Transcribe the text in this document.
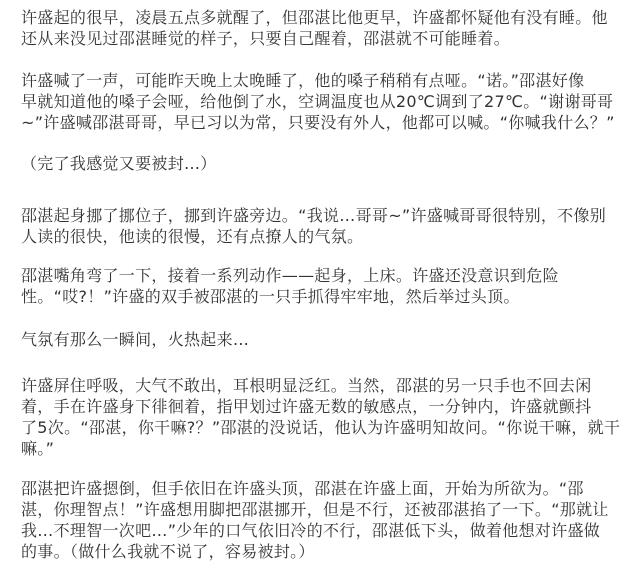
许盛起的很早，凌晨五点多就醒了，但邵湛比他更早，许盛都怀疑他有没有睡。他
还从来没见过邵湛睡觉的样子，只要自己醒着，邵湛就不可能睡着。
许盛喊了一声，可能昨天晚上太晚睡了，他的嗓子稍稍有点哑。“诺。”邵湛好像
早就知道他的嗓子会哑，给他倒了水，空调温度也从20℃调到了27℃。“谢谢哥哥
~”许盛喊邵湛哥哥，早已习以为常，只要没有外人，他都可以喊。“你喊我什么？”
（完了我感觉又要被封…）
邵湛起身挪了挪位子，挪到许盛旁边。“我说…哥哥~”许盛喊哥哥很特别，不像别
人读的很快，他读的很慢，还有点撩人的气氛。
邵湛嘴角弯了一下，接着一系列动作——起身，上床。许盛还没意识到危险
性。“哎?！”许盛的双手被邵湛的一只手抓得牢牢地，然后举过头顶。
气氛有那么一瞬间，火热起来…
许盛屏住呼吸，大气不敢出，耳根明显泛红。当然，邵湛的另一只手也不回去闲
着，手在许盛身下徘徊着，指甲划过许盛无数的敏感点，一分钟内，许盛就颤抖
了5次。“邵湛，你干嘛?？”邵湛的没说话，他认为许盛明知故问。“你说干嘛，就干
嘛。”
邵湛把许盛摁倒，但手依旧在许盛头顶，邵湛在许盛上面，开始为所欲为。“邵
湛，你理智点！”许盛想用脚把邵湛挪开，但是不行，还被邵湛掐了一下。“那就让
我…不理智一次吧…”少年的口气依旧冷的不行，邵湛低下头，做着他想对许盛做
的事。（做什么我就不说了，容易被封。）
